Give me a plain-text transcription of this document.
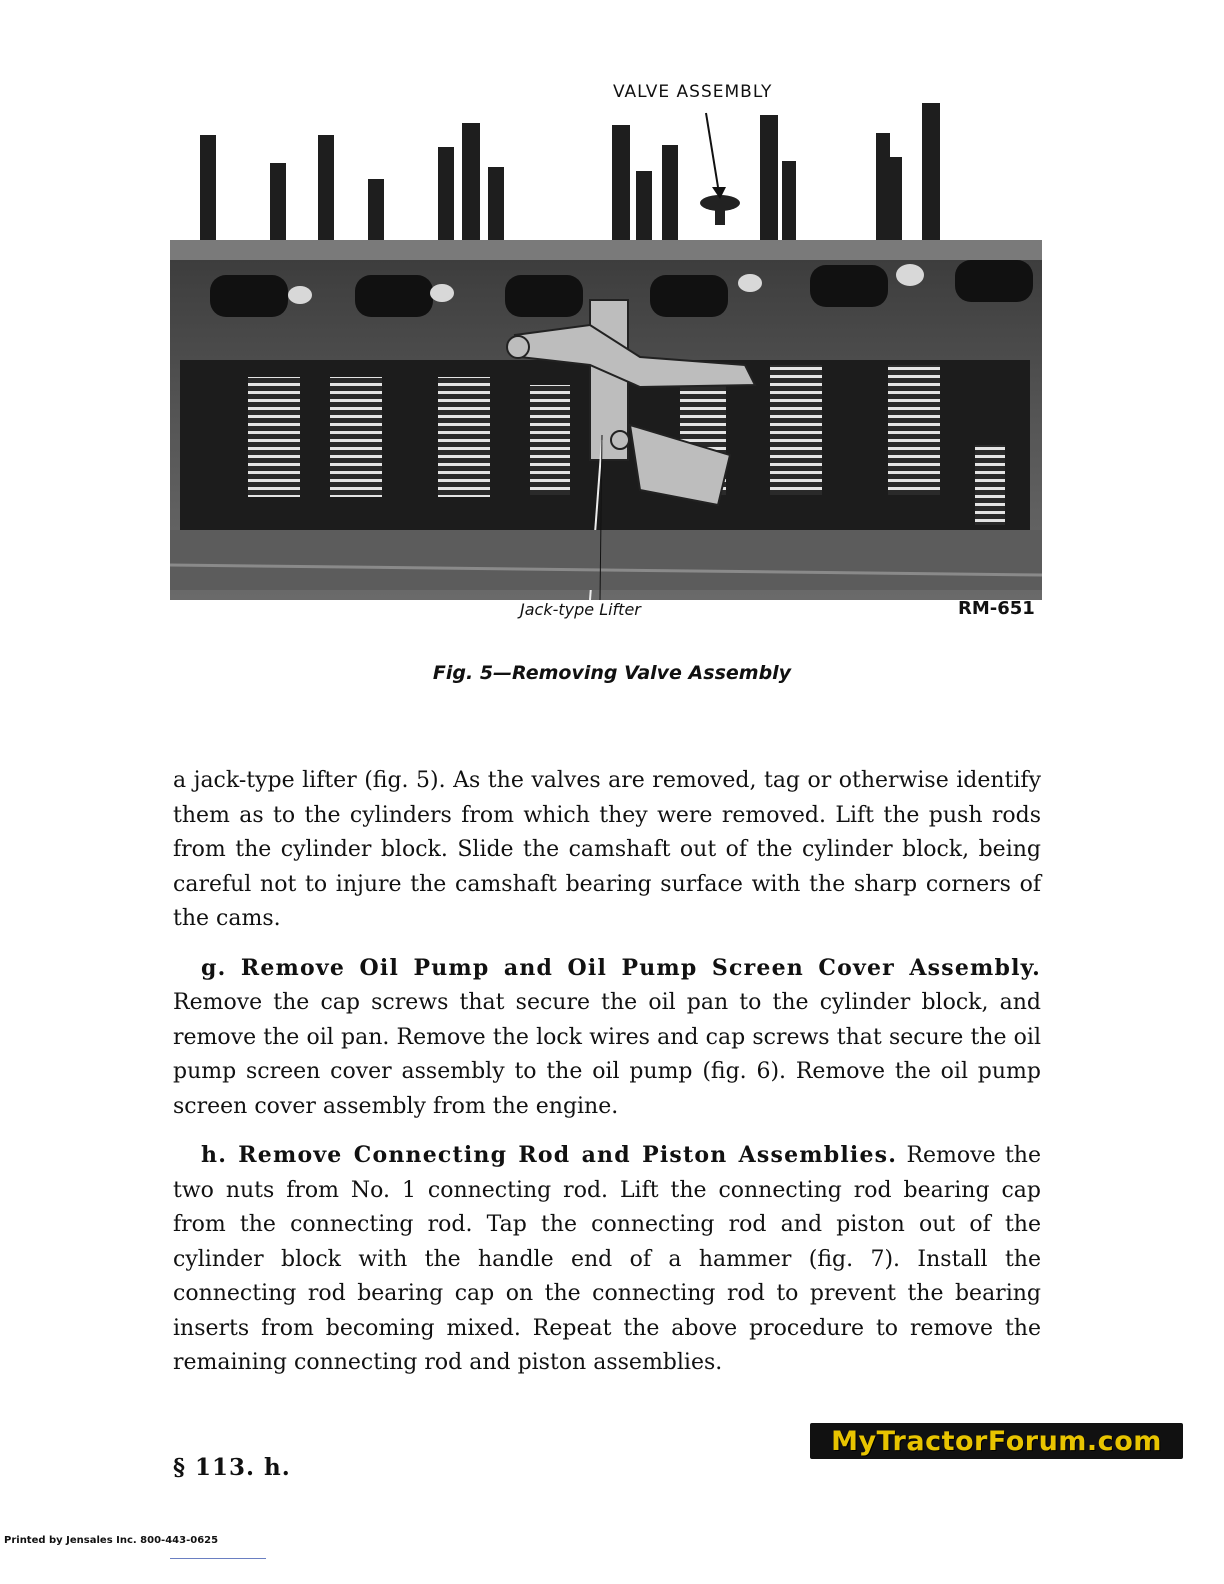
VALVE ASSEMBLY
Jack-type Lifter	RM-651
Fig. 5—Removing Valve Assembly

a jack-type lifter (fig. 5). As the valves are removed, tag or otherwise identify them as to the cylinders from which they were removed. Lift the push rods from the cylinder block. Slide the camshaft out of the cylinder block, being careful not to injure the camshaft bearing surface with the sharp corners of the cams.

g. Remove Oil Pump and Oil Pump Screen Cover Assembly. Remove the cap screws that secure the oil pan to the cylinder block, and remove the oil pan. Remove the lock wires and cap screws that secure the oil pump screen cover assembly to the oil pump (fig. 6). Remove the oil pump screen cover assembly from the engine.

h. Remove Connecting Rod and Piston Assemblies. Remove the two nuts from No. 1 connecting rod. Lift the connecting rod bearing cap from the connecting rod. Tap the connecting rod and piston out of the cylinder block with the handle end of a hammer (fig. 7). Install the connecting rod bearing cap on the connecting rod to prevent the bearing inserts from becoming mixed. Repeat the above procedure to remove the remaining connecting rod and piston assemblies.

§ 113. h.
MyTractorForum.com
Printed by Jensales Inc. 800-443-0625
